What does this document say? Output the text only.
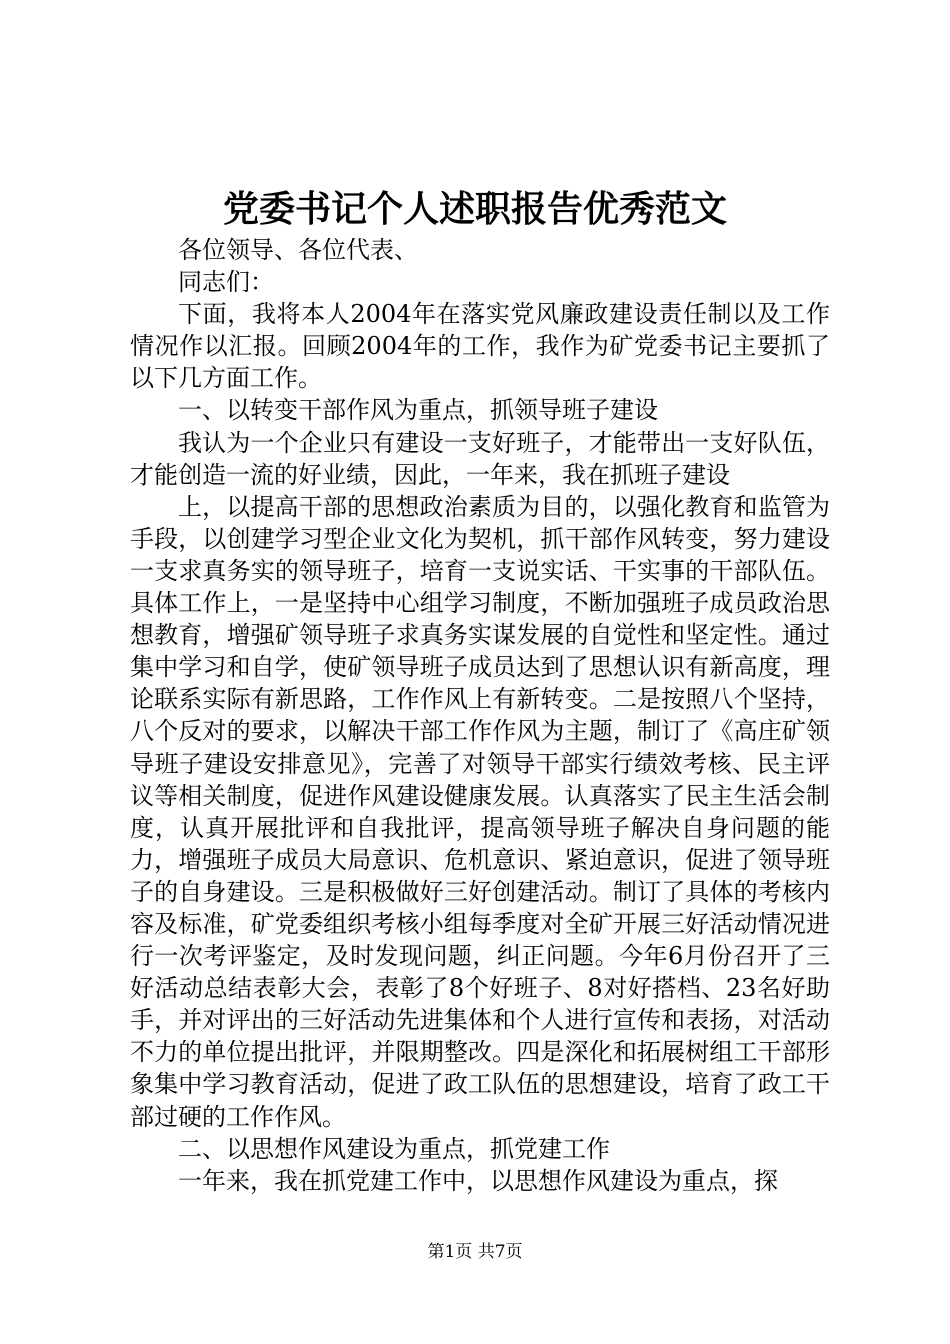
党委书记个人述职报告优秀范文

各位领导、各位代表、

同志们：

下面，我将本人2004年在落实党风廉政建设责任制以及工作情况作以汇报。回顾2004年的工作，我作为矿党委书记主要抓了以下几方面工作。

一、以转变干部作风为重点，抓领导班子建设

我认为一个企业只有建设一支好班子，才能带出一支好队伍，才能创造一流的好业绩，因此，一年来，我在抓班子建设

上，以提高干部的思想政治素质为目的，以强化教育和监管为手段，以创建学习型企业文化为契机，抓干部作风转变，努力建设一支求真务实的领导班子，培育一支说实话、干实事的干部队伍。具体工作上，一是坚持中心组学习制度，不断加强班子成员政治思想教育，增强矿领导班子求真务实谋发展的自觉性和坚定性。通过集中学习和自学，使矿领导班子成员达到了思想认识有新高度，理论联系实际有新思路，工作作风上有新转变。二是按照八个坚持，八个反对的要求，以解决干部工作作风为主题，制订了《高庄矿领导班子建设安排意见》，完善了对领导干部实行绩效考核、民主评议等相关制度，促进作风建设健康发展。认真落实了民主生活会制度，认真开展批评和自我批评，提高领导班子解决自身问题的能力，增强班子成员大局意识、危机意识、紧迫意识，促进了领导班子的自身建设。三是积极做好三好创建活动。制订了具体的考核内容及标准，矿党委组织考核小组每季度对全矿开展三好活动情况进行一次考评鉴定，及时发现问题，纠正问题。今年6月份召开了三好活动总结表彰大会，表彰了8个好班子、8对好搭档、23名好助手，并对评出的三好活动先进集体和个人进行宣传和表扬，对活动不力的单位提出批评，并限期整改。四是深化和拓展树组工干部形象集中学习教育活动，促进了政工队伍的思想建设，培育了政工干部过硬的工作作风。

二、以思想作风建设为重点，抓党建工作

一年来，我在抓党建工作中，以思想作风建设为重点，探

第1页 共7页
